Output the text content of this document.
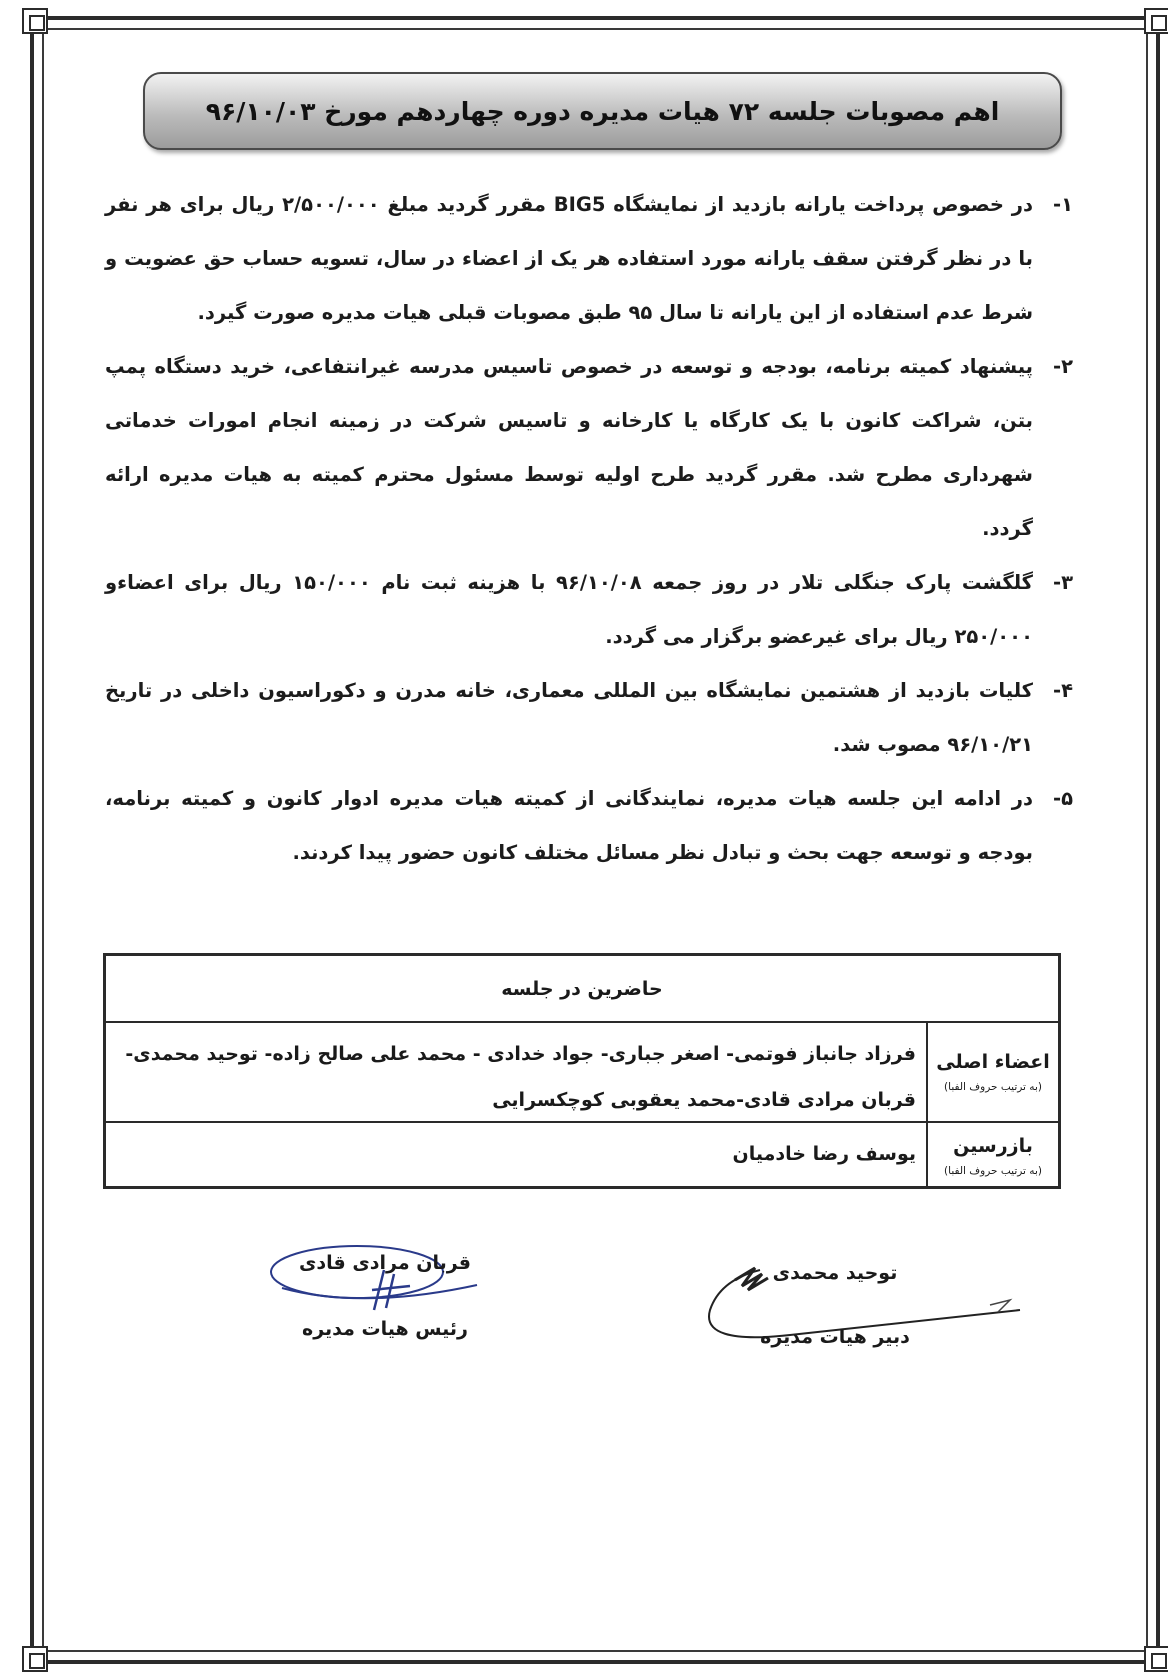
اهم مصوبات جلسه ۷۲ هیات مدیره دوره چهاردهم مورخ ۹۶/۱۰/۰۳
۱-
در خصوص پرداخت یارانه بازدید از نمایشگاه BIG5 مقرر گردید مبلغ ۲/۵۰۰/۰۰۰ ریال برای هر نفر با در نظر گرفتن سقف یارانه مورد استفاده هر یک از اعضاء در سال، تسویه حساب حق عضویت و شرط عدم استفاده از این یارانه تا سال ۹۵ طبق مصوبات قبلی هیات مدیره صورت گیرد.
۲-
پیشنهاد کمیته برنامه، بودجه و توسعه در خصوص تاسیس مدرسه غیرانتفاعی، خرید دستگاه پمپ بتن، شراکت کانون با یک کارگاه یا کارخانه و تاسیس شرکت در زمینه انجام امورات خدماتی شهرداری مطرح شد. مقرر گردید طرح اولیه توسط مسئول محترم کمیته به هیات مدیره ارائه گردد.
۳-
گلگشت پارک جنگلی تلار در روز جمعه ۹۶/۱۰/۰۸ با هزینه ثبت نام ۱۵۰/۰۰۰ ریال برای اعضاءو ۲۵۰/۰۰۰ ریال برای غیرعضو برگزار می گردد.
۴-
کلیات بازدید از هشتمین نمایشگاه بین المللی معماری، خانه مدرن و دکوراسیون داخلی در تاریخ ۹۶/۱۰/۲۱ مصوب شد.
۵-
در ادامه این جلسه هیات مدیره، نمایندگانی از کمیته هیات مدیره ادوار کانون و کمیته برنامه، بودجه و توسعه جهت بحث و تبادل نظر مسائل مختلف کانون حضور پیدا کردند.
حاضرین در جلسه
اعضاء اصلی
(به ترتیب حروف الفبا)
فرزاد جانباز فوتمی- اصغر جباری- جواد خدادی - محمد علی صالح زاده- توحید محمدی- قربان مرادی قادی-محمد یعقوبی کوچکسرایی
بازرسین
(به ترتیب حروف الفبا)
یوسف رضا خادمیان
قربان مرادی قادی
رئیس هیات مدیره
توحید محمدی
دبیر هیات مدیره
